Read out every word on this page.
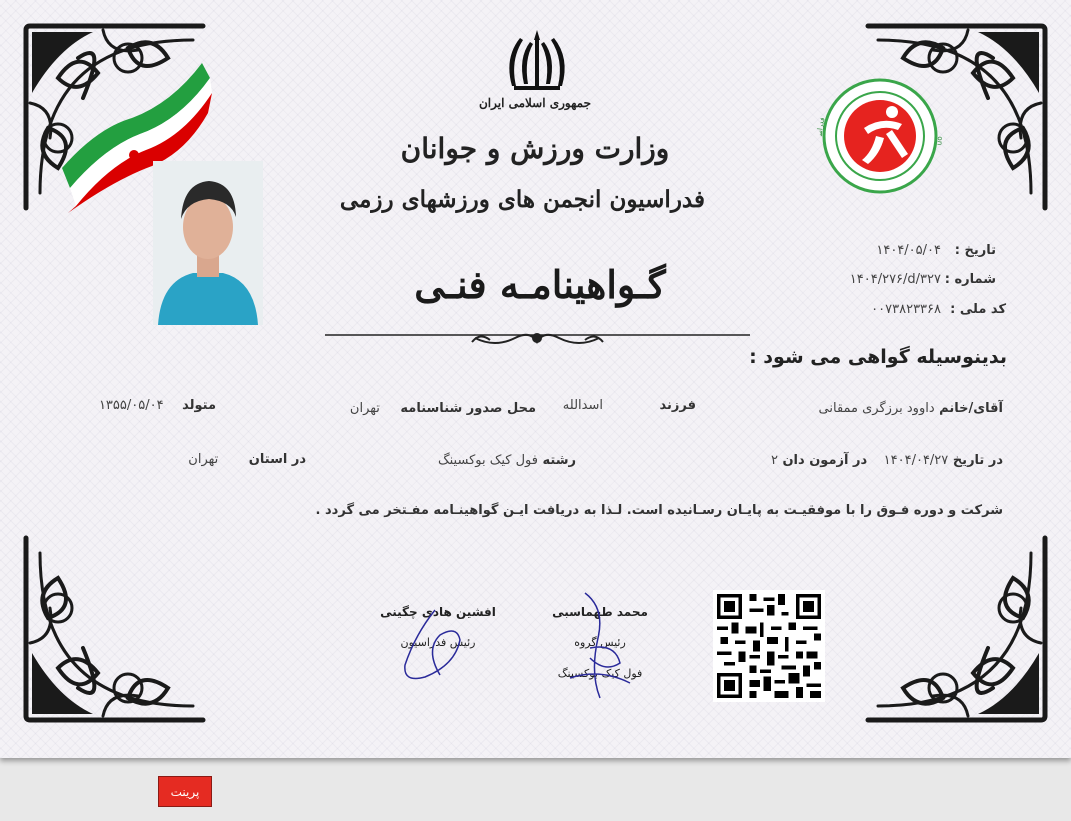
جمهوری اسلامی ایران
وزارت ورزش و جوانان
فدراسیون انجمن های ورزشهای رزمی
فدراس
on
گـواهینامـه فنـی
تاریخ :
۱۴۰۴/۰۵/۰۴
شماره :
۱۴۰۴/۲۷۶/d/۳۲۷
کد ملی :
۰۰۷۳۸۲۳۳۶۸
بدینوسیله گواهی می شود :
آقای/خانم داوود برزگری ممقانی
فرزند اسدالله
محل صدور شناسنامه تهران
متولد ۱۳۵۵/۰۵/۰۴
در تاریخ ۱۴۰۴/۰۴/۲۷ در آزمون دان ۲
رشته فول کیک بوکسینگ
در استان تهران
شرکت و دوره فـوق را با موفقیـت به پایـان رسـانیده است. لـذا به دریافت ایـن گواهینـامه مفـتخر می گردد .
محمد طهماسبی
رئیس گروه
فول کیک بوکسینگ
افشین هادی چگینی
رئیس فدراسیون
پرینت
